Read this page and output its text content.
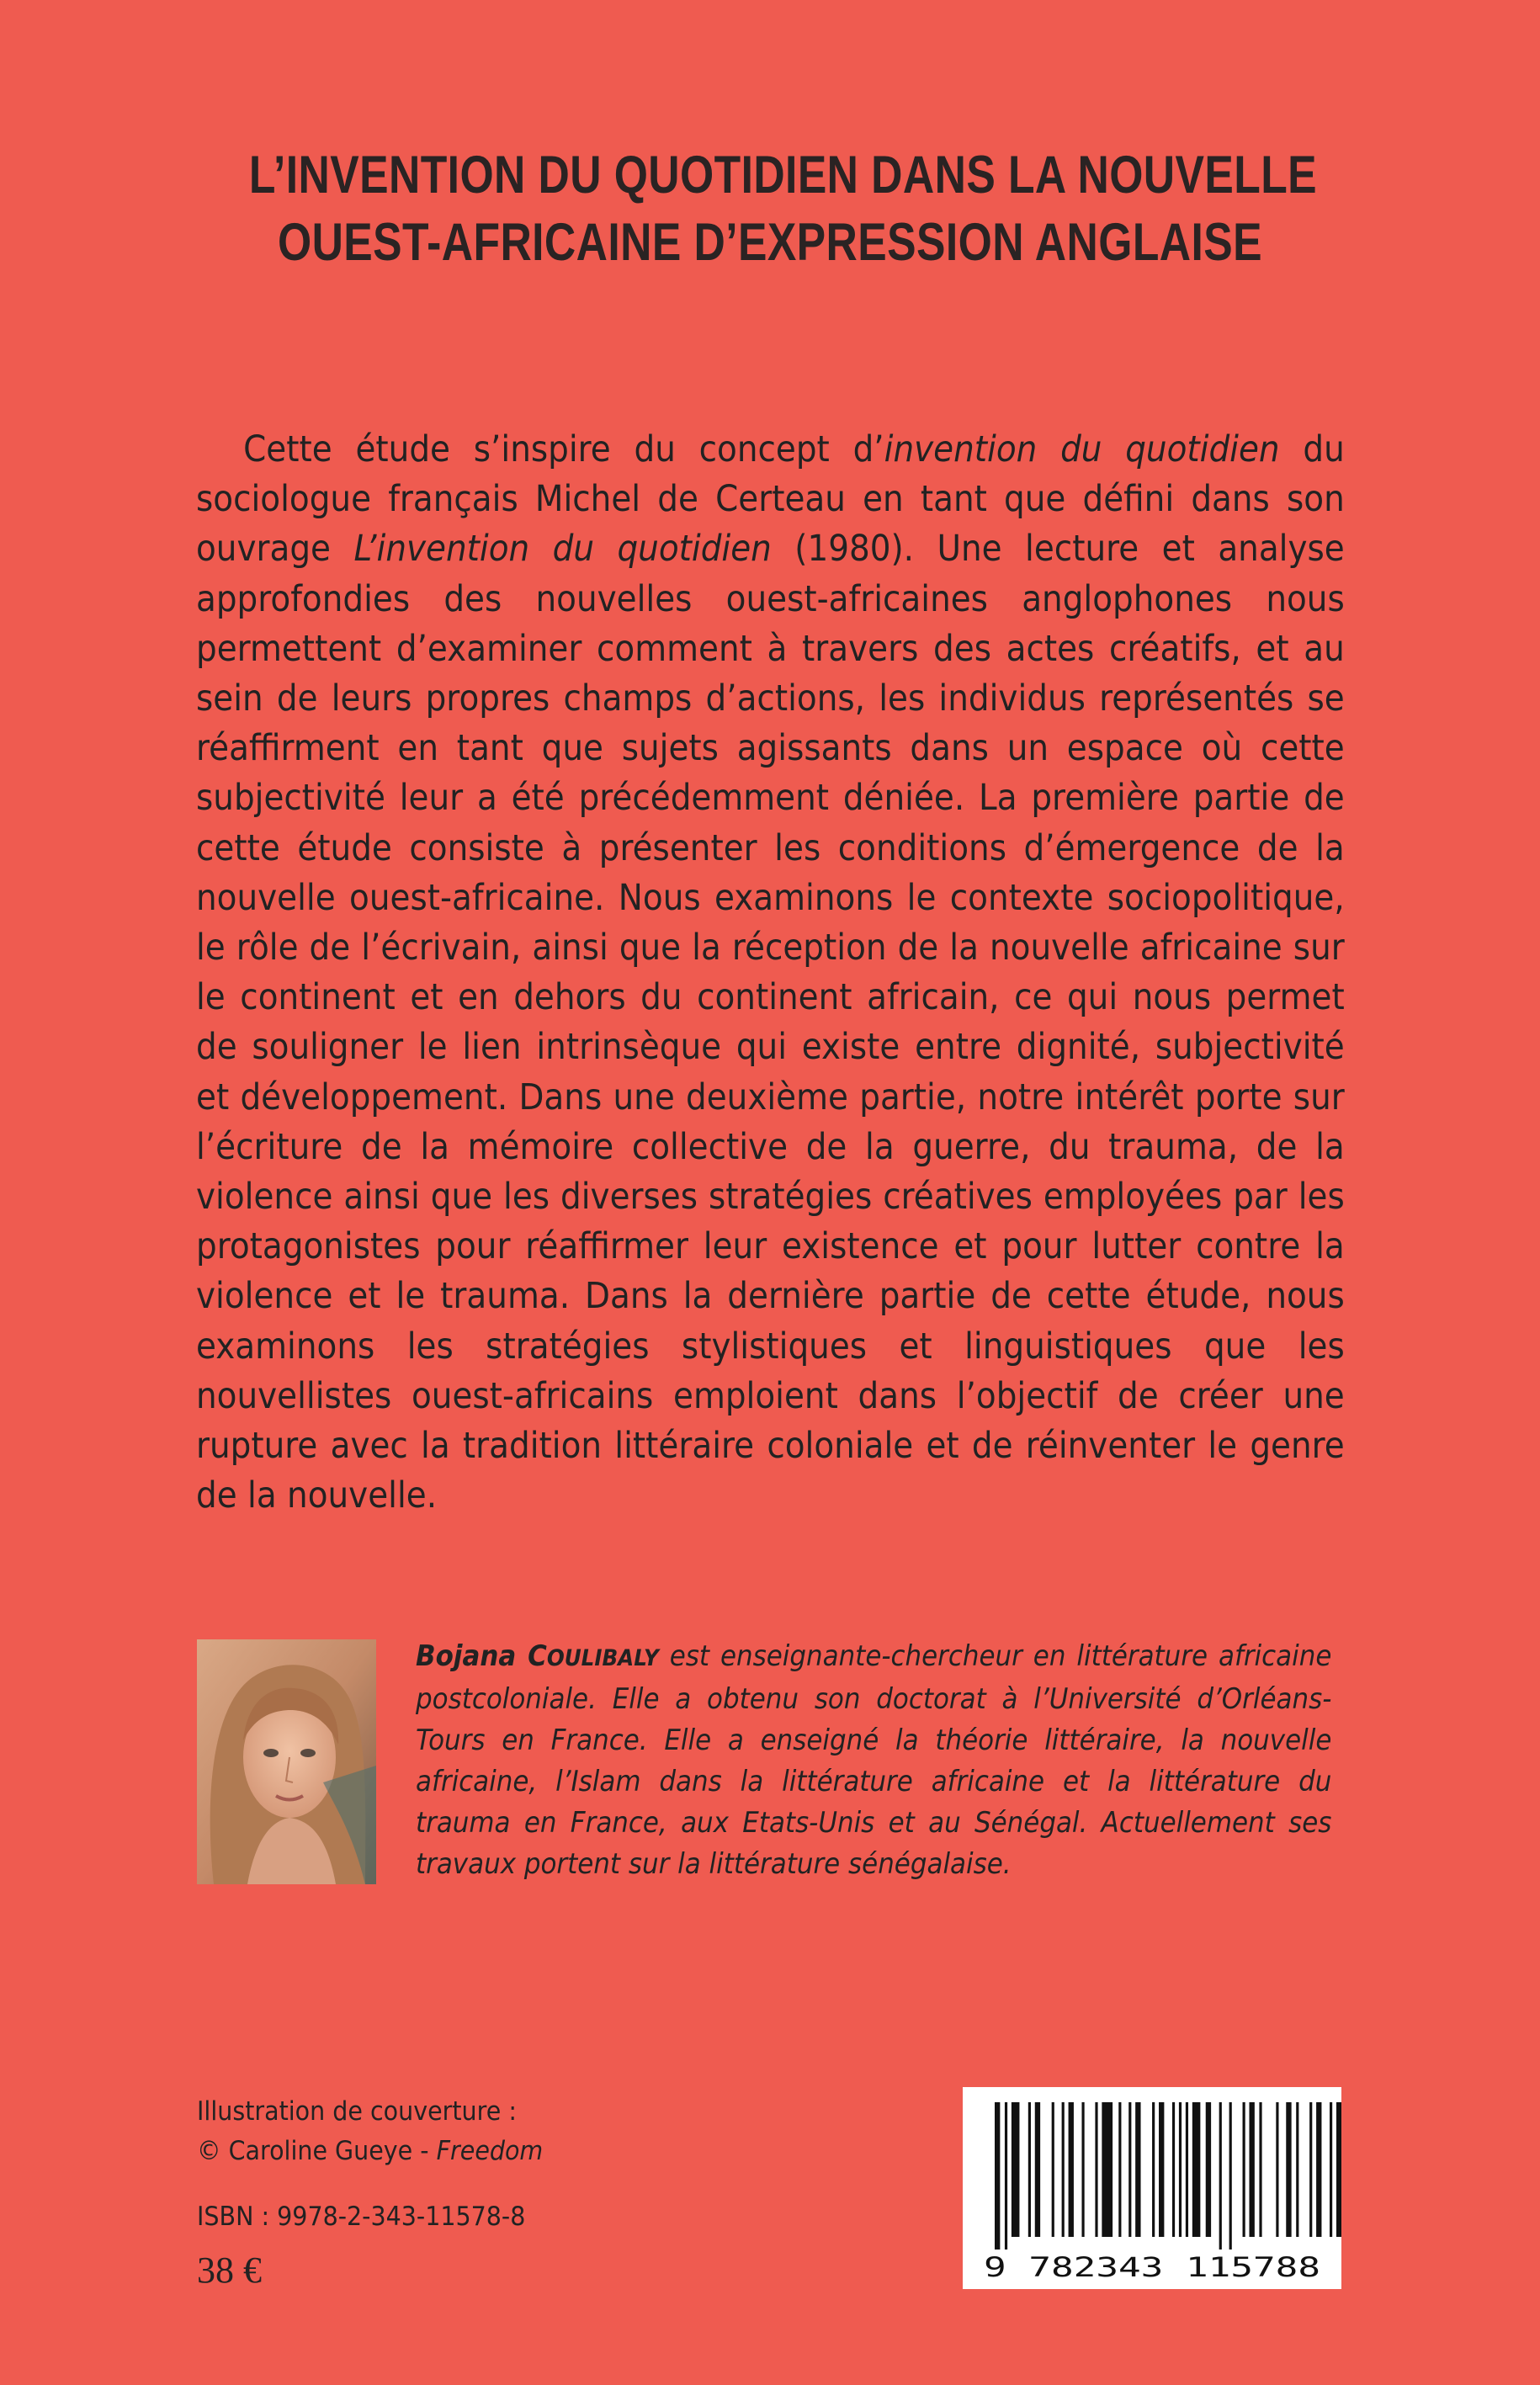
L’INVENTION DU QUOTIDIEN DANS LA NOUVELLE
OUEST-AFRICAINE D’EXPRESSION ANGLAISE

Cette étude s’inspire du concept d’invention du quotidien du sociologue français Michel de Certeau en tant que défini dans son ouvrage L’invention du quotidien (1980). Une lecture et analyse approfondies des nouvelles ouest-africaines anglophones nous permettent d’examiner comment à travers des actes créatifs, et au sein de leurs propres champs d’actions, les individus représentés se réaffirment en tant que sujets agissants dans un espace où cette subjectivité leur a été précédemment déniée. La première partie de cette étude consiste à présenter les conditions d’émergence de la nouvelle ouest-africaine. Nous examinons le contexte sociopolitique, le rôle de l’écrivain, ainsi que la réception de la nouvelle africaine sur le continent et en dehors du continent africain, ce qui nous permet de souligner le lien intrinsèque qui existe entre dignité, subjectivité et développement. Dans une deuxième partie, notre intérêt porte sur l’écriture de la mémoire collective de la guerre, du trauma, de la violence ainsi que les diverses stratégies créatives employées par les protagonistes pour réaffirmer leur existence et pour lutter contre la violence et le trauma. Dans la dernière partie de cette étude, nous examinons les stratégies stylistiques et linguistiques que les nouvellistes ouest-africains emploient dans l’objectif de créer une rupture avec la tradition littéraire coloniale et de réinventer le genre de la nouvelle.

Bojana COULIBALY est enseignante-chercheur en littérature africaine postcoloniale. Elle a obtenu son doctorat à l’Université d’Orléans-Tours en France. Elle a enseigné la théorie littéraire, la nouvelle africaine, l’Islam dans la littérature africaine et la littérature du trauma en France, aux Etats-Unis et au Sénégal. Actuellement ses travaux portent sur la littérature sénégalaise.

Illustration de couverture :
© Caroline Gueye - Freedom
ISBN : 9978-2-343-11578-8
38 €	9 782343 115788
